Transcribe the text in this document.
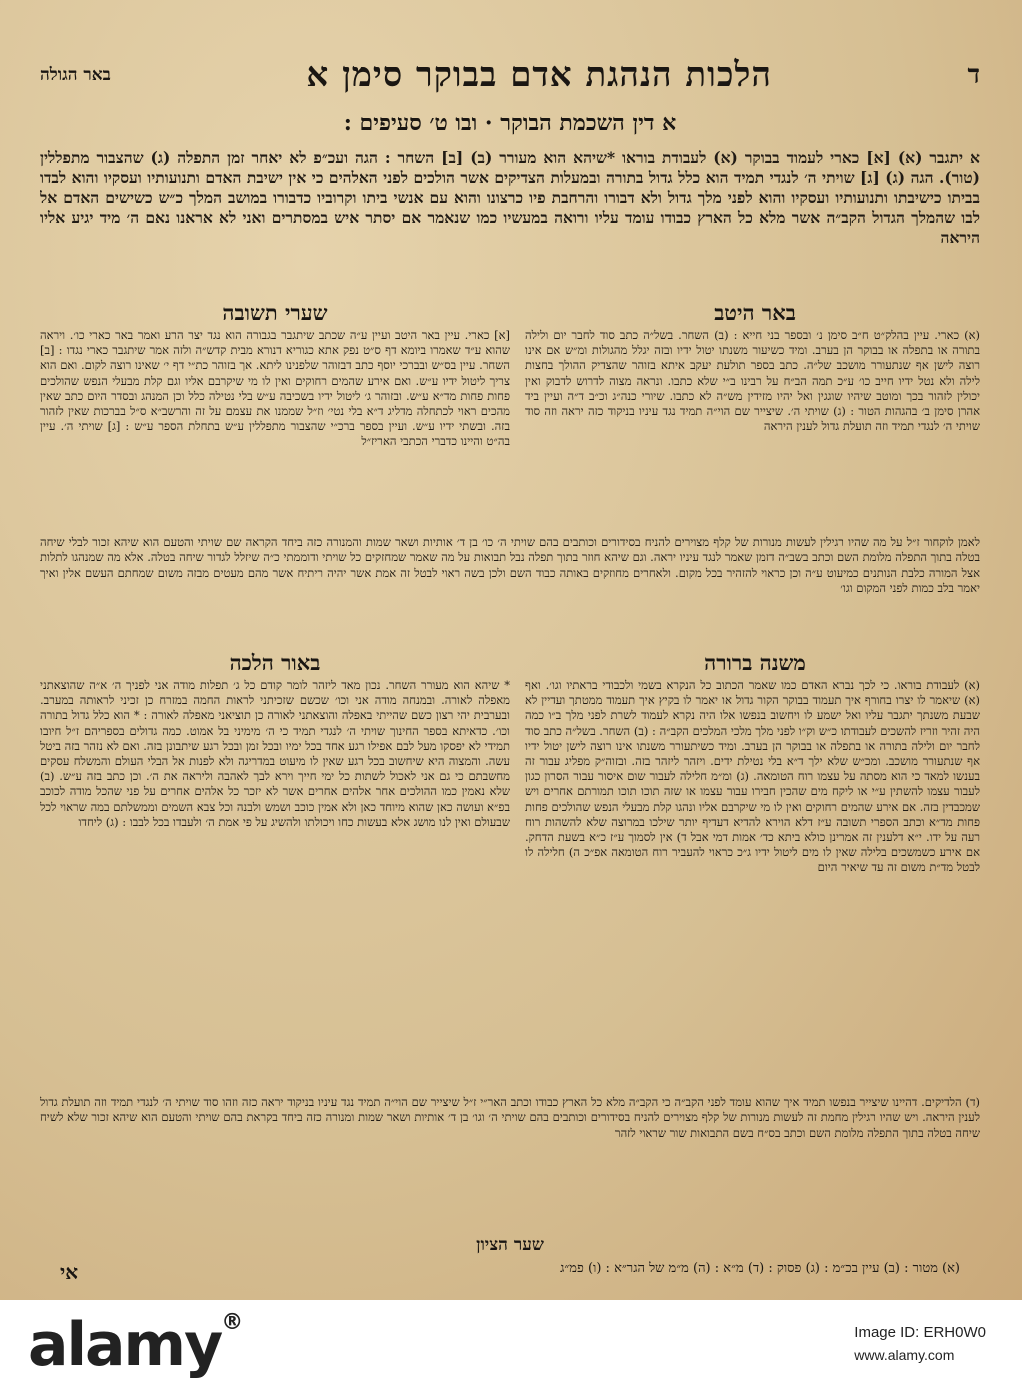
ד
הלכות הנהגת אדם בבוקר סימן א
באר הגולה
א דין השכמת הבוקר · ובו ט׳ סעיפים :
א יתגבר (א) [א] כארי לעמוד בבוקר (א) לעבודת בוראו *שיהא הוא מעורר (ב) [ב] השחר : הגה ועכ״פ לא יאחר זמן התפלה (ג) שהצבור מתפללין (טור). הגה (ג) [ג] שויתי ה׳ לנגדי תמיד הוא כלל גדול בתורה ובמעלות הצדיקים אשר הולכים לפני האלהים כי אין ישיבת האדם ותנועותיו ועסקיו והוא לבדו בביתו כישיבתו ותנועותיו ועסקיו והוא לפני מלך גדול ולא דבורו והרחבת פיו כרצונו והוא עם אנשי ביתו וקרוביו כדבורו במושב המלך כ״ש כשישים האדם אל לבו שהמלך הגדול הקב״ה אשר מלא כל הארץ כבודו עומד עליו ורואה במעשיו כמו שנאמר אם יסתר איש במסתרים ואני לא אראנו נאם ה׳ מיד יגיע אליו היראה
באר היטב
(א) כארי. עיין בהלק״ט ח״ב סימן נ׳ ובספר בני חייא : (ב) השחר. בשל״ה כתב סוד לחבר יום ולילה בתורה או בתפלה או בבוקר הן בערב. ומיד כשיעור משנתו יטול ידיו ובזה יגלל מהגולות ומ״ש אם אינו רוצה לישן אף שנתעורר מושכב של״ה. כתב בספר תולעת יעקב איתא בזוהר שהצדיק ההולך בחצות לילה ולא נטל ידיו חייב כו׳ ע״כ תמה הב״ח על רבינו ב״י שלא כתבו. ונראה מצוה לדרוש לדבוק ואין יכולין לזהור בכך ומוטב שיהיו שוגגין ואל יהיו מזידין מש״ה לא כתבו. שיורי כנה״ג וכ״ב ד״ה ועיין ביד אהרן סימן ב׳ בהגהות הטור : (ג) שויתי ה׳. שיצייר שם הוי״ה תמיד נגד עיניו בניקוד כזה יראה וזה סוד שויתי ה׳ לנגדי תמיד וזה תועלת גדול לענין היראה
שערי תשובה
[א] כארי. עיין באר היטב ועיין ע״ה שכתב שיתגבר בגבורה הוא נגד יצר הרע ואמר באר כארי כו׳. ויראה שהוא ע״ד שאמרו ביומא דף ס״ט נפק אתא כגוריא דנורא מבית קדש״ה ולזה אמר שיתגבר כארי נגדו : [ב] השחר. עיין בס״ש ובברכי יוסף כתב דבזוהר שלפנינו ליתא. אך בזוהר כת״י דף י׳ שאינו רוצה לקום. ואם הוא צריך ליטול ידיו ע״ש. ואם אירע שהמים רחוקים ואין לו מי שיקרבם אליו וגם קלת מבעלי הנפש שהולכים פחות פחות מד״א ע״ש. ובזוהר ג׳ ליטול ידיו בשכיבה ע״ש בלי נטילה כלל וכן המנהג ובסדר היום כתב שאין מהכים ראוי לכתחלה מדליג ד״א בלי נטי׳ וז״ל שממנו את עצמם על זה והרשב״א ס״ל בברכות שאין לזהור בזה. ובשתי ידיו ע״ש. ועיין בספר ברכ״י שהצבור מתפללין ע״ש בתחלת הספר ע״ש : [ג] שויתי ה׳. עיין בה״ט והיינו כדברי הכתבי האריז״ל
לאמן לוקחור ז״ל על מה שהיו רגילין לעשות מנורות של קלף מצוירים להניח בסידורים וכותבים בהם שויתי ה׳ כו׳ בן ד׳ אותיות ושאר שמות והמנורה כזה ביחד הקראה שם שויתי והטעם הוא שיהא זכור לבלי שיחה בטלה בתוך התפלה מלומת השם וכתב בשב״ה דזמן שאמר לנגד עיניו יראה. וגם שיהא חוזר בתוך תפלה נבל תבואות על מה שאמר שמחזקים כל שויתי ודוממתי כ״ה שיזלל לגדור שיחה בטלה. אלא מה שמנהגו לתלות אצל המורה כלבת הנותנים כמיעוט ע״ה וכן כראוי להזהיר בכל מקום. ולאחרים מחוזקים באותה כבוד השם ולכן בשה ראוי לבטל זה אמת אשר יהיה ריתיח אשר מהם מעטים מבזה משום שמחתם העשם אלין ואיך יאמר בלב כמות לפני המקום וגו׳
משנה ברורה
(א) לעבודת בוראו. כי לכך נברא האדם כמו שאמר הכתוב כל הנקרא בשמי ולכבודי בראתיו וגו׳. ואף (א) שיאמר לו יצרו בחורף איך תעמוד בבוקר הקור גדול או יאמר לו בקיץ איך תעמוד ממטתך ועדיין לא שבעת משנתך יתגבר עליו ואל ישמע לו ויחשוב בנפשו אלו היה נקרא לעמוד לשרת לפני מלך ב״ו כמה היה זהיר וזריז להשכים לעבודתו כ״ש וק״ו לפני מלך מלכי המלכים הקב״ה : (ב) השחר. בשל״ה כתב סוד לחבר יום ולילה בתורה או בתפלה או בבוקר הן בערב. ומיד כשיתעורר משנתו אינו רוצה לישן יטול ידיו אף שנתעורר מושכב. ומכ״ש שלא ילך ד״א בלי נטילת ידים. ויזהר ליזהר בזה. ובזוה״ק מפליג עבור זה בענשו למאד כי הוא מסתה על עצמו רוח הטומאה. (ג) ומ״מ חלילה לעבור שום איסור עבור הסרון כגון לעבור עצמו להשתין ע״י או ליקח מים שהכין חבירו עבור עצמו או שזה תוכו תוכו תמורתם אחרים ויש שמכבדין בזה. אם אירע שהמים רחוקים ואין לו מי שיקרבם אליו ונהגו קלת מבעלי הנפש שהולכים פחות פחות מד״א וכתב הספרי תשובה ע״ז דלא הוירא להדיא דעדיף יותר שילכו במרוצה שלא להשהות רוח רעה על ידו. י״א דלענין זה אמרינן כולא ביתא כד׳ אמות דמי אבל ד) אין לסמוך ע״ז כ״א בשעת הדחק. אם אירע כשמשכים בלילה שאין לו מים ליטול ידיו ג״כ כראוי להעביר רוח הטומאה אפ״כ ה) חלילה לו לבטל מד״ת משום זה עד שיאיר היום
באור הלכה
* שיהא הוא מעורר השחר. נכון מאד ליזהר לומר קודם כל ג׳ תפלות מודה אני לפניך ה׳ א״ה שהוצאתני מאפלה לאורה. ובמנחה מודה אני וכו׳ שכשם שזכיתני לראות החמה במזרח כן זכיני לראותה במערב. ובערבית יהי רצון כשם שהייתי באפלה והוצאתני לאורה כן תוציאני מאפלה לאורה : * הוא כלל גדול בתורה וכו׳. כדאיתא בספר החינוך שויתי ה׳ לנגדי תמיד כי ה׳ מימיני בל אמוט. כמה גדולים בספריהם ז״ל חיובו תמידי לא יפסקו מעל לבם אפילו רגע אחד בכל ימיו ובכל זמן ובכל רגע שיתבונן בזה. ואם לא נזהר בזה ביטל עשה. והמצוה היא שיחשוב בכל רגע שאין לו מיעוט במדריגה ולא לפנות אל הבלי העולם והמשלח עסקים מחשבתם כי גם אני לאכול לשתות כל ימי חייך וירא לבך לאהבה וליראה את ה׳. וכן כתב בזה ע״ש. (ב) שלא נאמין כמו ההולכים אחר אלהים אחרים אשר לא יזכר כל אלהים אחרים על פני שהכל מודה לכוכב בפ״א ועושה כאן שהוא מיוחד כאן ולא אמין כוכב ושמש ולבנה וכל צבא השמים וממשלתם במה שראוי לכל שבעולם ואין לנו מושג אלא בעשות כחו ויכולתו ולהשיג על פי אמת ה׳ ולעבדו בכל לבבו : (ג) ליחדו
(ד) הלדיקים. דהיינו שיצייר בנפשו תמיד איך שהוא עומד לפני הקב״ה כי הקב״ה מלא כל הארץ כבודו וכתב האר״י ז״ל שיצייר שם הוי״ה תמיד נגד עיניו בניקוד יראה כזה וזהו סוד שויתי ה׳ לנגדי תמיד וזה תועלת גדול לענין היראה. ויש שהיו רגילין מחמת זה לעשות מנורות של קלף מצוירים להניח בסידורים וכותבים בהם שויתי ה׳ וגו׳ בן ד׳ אותיות ושאר שמות ומנורה כזה ביחד בקראת בהם שויתי והטעם הוא שיהא זכור שלא לשיח שיחה בטלה בתוך התפלה מלומת השם וכתב בס״ח בשם התבואות שור שראוי לזהר
שער הציון
(א) מטור : (ב) עיין בכ״מ : (ג) פסוק : (ד) מ״א : (ה) מ״מ של הגר״א : (ו) פמ״ג
אי
alamy®	Image ID: ERH0W0
www.alamy.com
